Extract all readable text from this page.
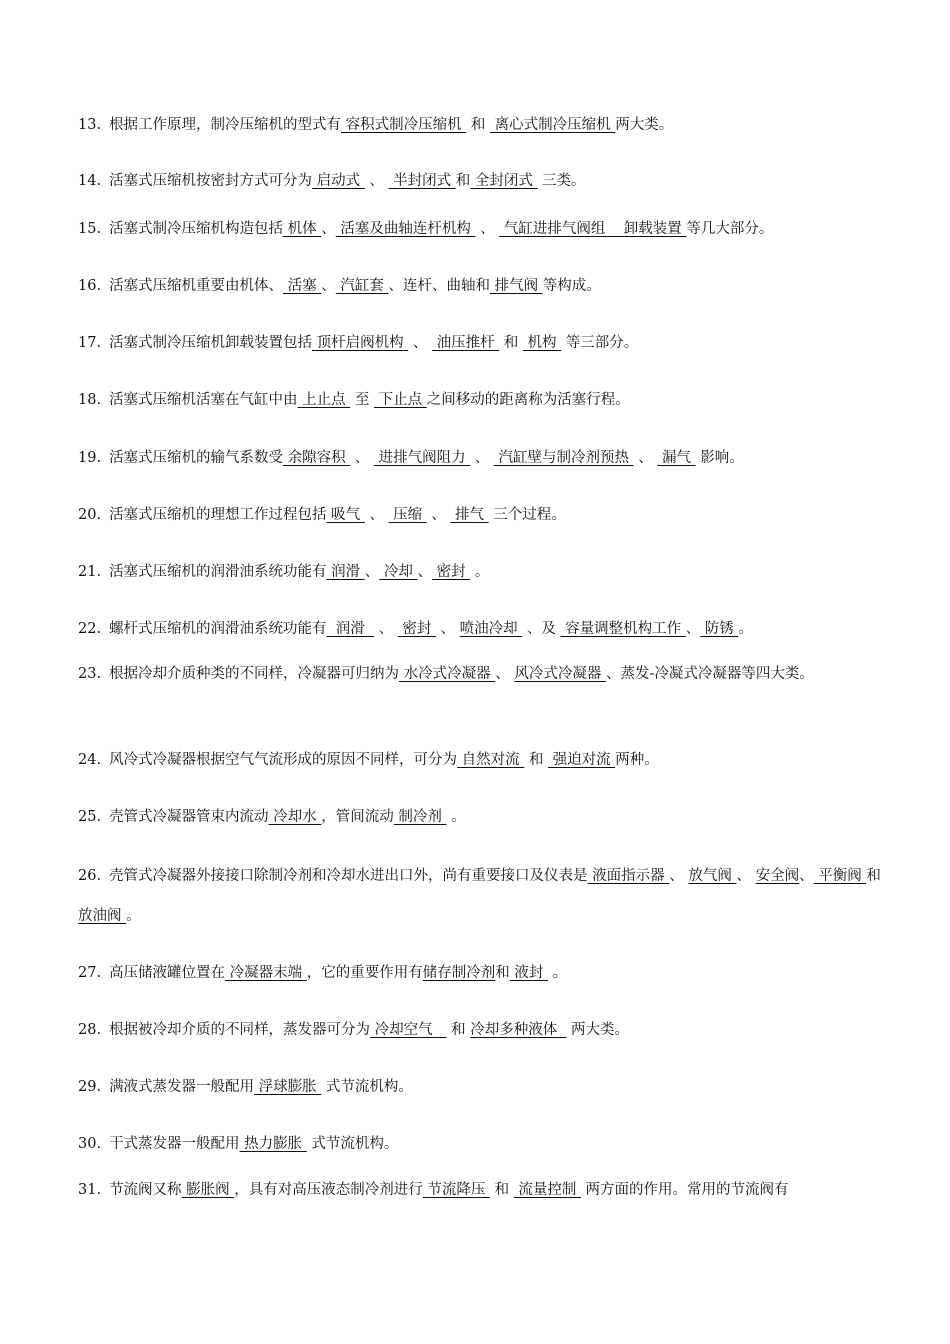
13. 根据工作原理，制冷压缩机的型式有 容积式制冷压缩机  和  离心式制冷压缩机 两大类。
14. 活塞式压缩机按密封方式可分为 启动式  、  半封闭式 和 全封闭式  三类。
15. 活塞式制冷压缩机构造包括 机体 、 活塞及曲轴连杆机构  、  气缸进排气阀组    卸载装置 等几大部分。
16. 活塞式压缩机重要由机体、 活塞 、 汽缸套 、连杆、曲轴和 排气阀 等构成。
17. 活塞式制冷压缩机卸载装置包括 顶杆启阀机构  、  油压推杆  和  机构  等三部分。
18. 活塞式压缩机活塞在气缸中由 上止点  至  下止点 之间移动的距离称为活塞行程。
19. 活塞式压缩机的输气系数受 余隙容积  、  进排气阀阻力  、  汽缸壁与制冷剂预热  、  漏气  影响。
20. 活塞式压缩机的理想工作过程包括 吸气  、  压缩  、  排气  三个过程。
21. 活塞式压缩机的润滑油系统功能有 润滑 、 冷却 、 密封  。
22. 螺杆式压缩机的润滑油系统功能有  润滑   、  密封  、 喷油冷却  、及  容量调整机构工作 、 防锈 。
23. 根据冷却介质种类的不同样，冷凝器可归纳为 水冷式冷凝器 、 风冷式冷凝器 、蒸发-冷凝式冷凝器等四大类。
24. 风冷式冷凝器根据空气气流形成的原因不同样，可分为 自然对流  和  强迫对流 两种。
25. 壳管式冷凝器管束内流动 冷却水 ，管间流动 制冷剂  。
26. 壳管式冷凝器外接接口除制冷剂和冷却水进出口外，尚有重要接口及仪表是 液面指示器 、 放气阀 、 安全阀、 平衡阀 和 放油阀 。
27. 高压储液罐位置在 冷凝器末端 ，它的重要作用有储存制冷剂和 液封  。
28. 根据被冷却介质的不同样，蒸发器可分为 冷却空气    和 冷却多种液体   两大类。
29. 满液式蒸发器一般配用 浮球膨胀  式节流机构。
30. 干式蒸发器一般配用 热力膨胀  式节流机构。
31. 节流阀又称 膨胀阀 ，具有对高压液态制冷剂进行 节流降压  和  流量控制  两方面的作用。常用的节流阀有
